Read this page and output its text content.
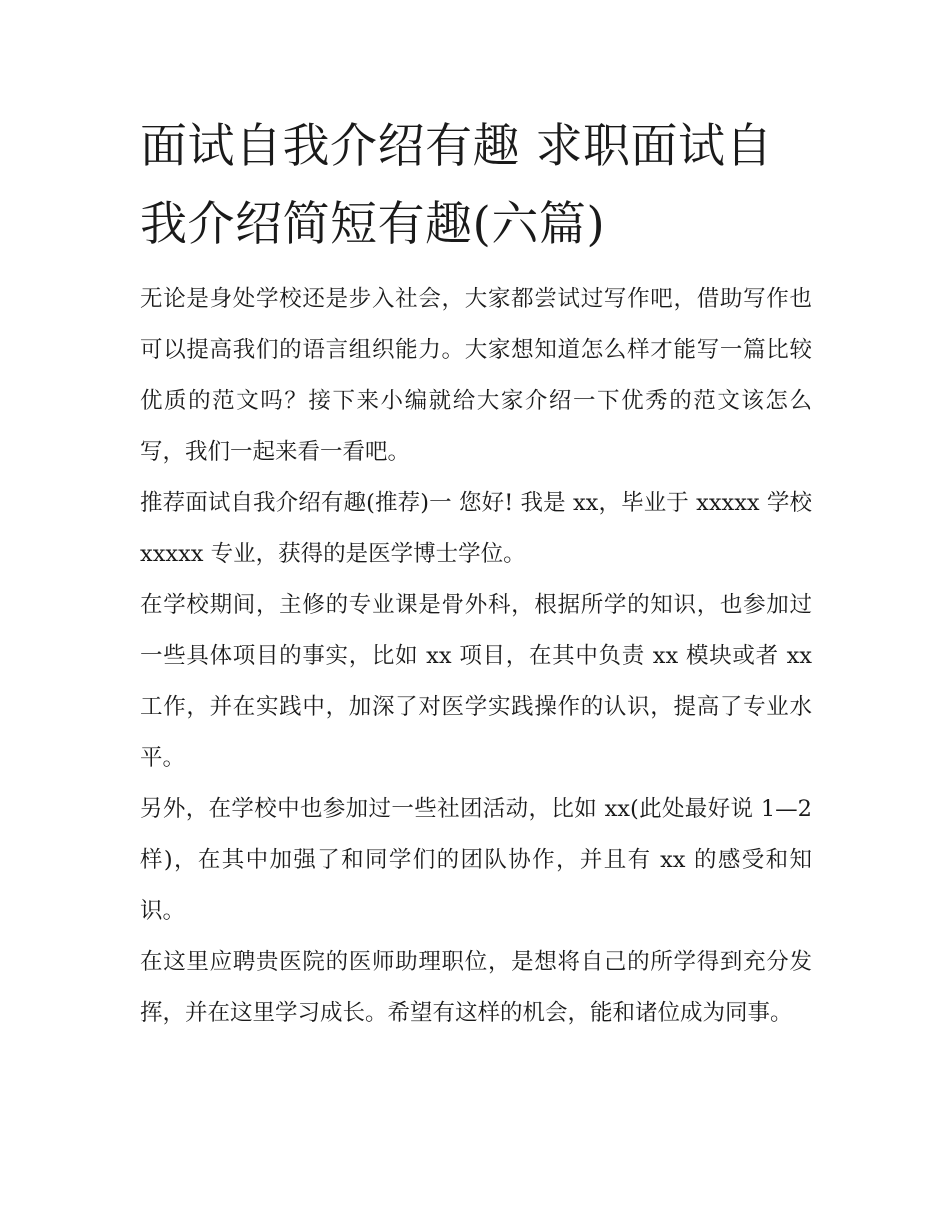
面试自我介绍有趣 求职面试自我介绍简短有趣(六篇)

无论是身处学校还是步入社会，大家都尝试过写作吧，借助写作也可以提高我们的语言组织能力。大家想知道怎么样才能写一篇比较优质的范文吗？接下来小编就给大家介绍一下优秀的范文该怎么写，我们一起来看一看吧。

推荐面试自我介绍有趣(推荐)一 您好! 我是 xx，毕业于 xxxxx 学校 xxxxx 专业，获得的是医学博士学位。

在学校期间，主修的专业课是骨外科，根据所学的知识，也参加过一些具体项目的事实，比如 xx 项目，在其中负责 xx 模块或者 xx 工作，并在实践中，加深了对医学实践操作的认识，提高了专业水平。

另外，在学校中也参加过一些社团活动，比如 xx(此处最好说 1—2 样)，在其中加强了和同学们的团队协作，并且有 xx 的感受和知识。

在这里应聘贵医院的医师助理职位，是想将自己的所学得到充分发挥，并在这里学习成长。希望有这样的机会，能和诸位成为同事。
